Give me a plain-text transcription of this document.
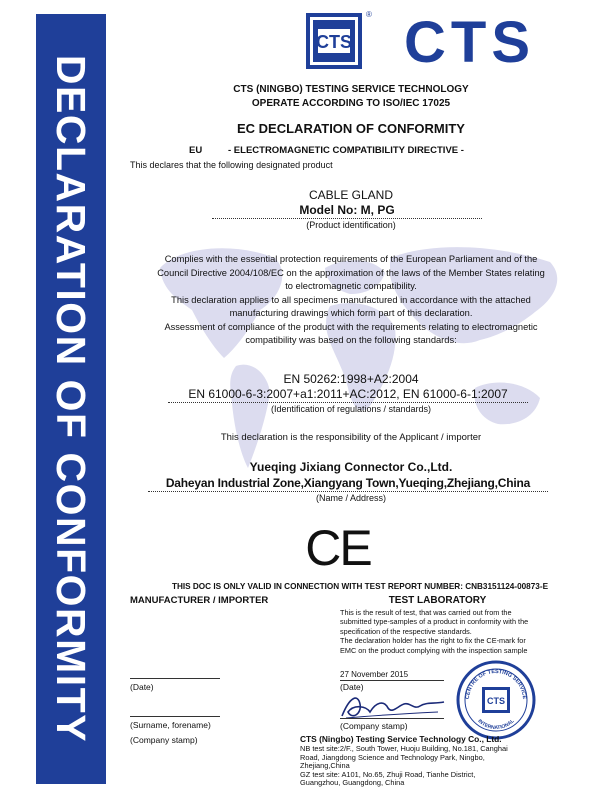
DECLARATION OF CONFORMITY
CTS
® CTS
CTS (NINGBO) TESTING SERVICE TECHNOLOGY
OPERATE ACCORDING TO ISO/IEC 17025
EC DECLARATION OF CONFORMITY
EU	- ELECTROMAGNETIC COMPATIBILITY DIRECTIVE -
This declares that the following designated product
CABLE GLAND
Model No: M, PG
(Product identification)
Complies with the essential protection requirements of the European Parliament and of the
Council Directive 2004/108/EC on the approximation of the laws of the Member States relating
to electromagnetic compatibility.
This declaration applies to all specimens manufactured in accordance with the attached
manufacturing drawings which form part of this declaration.
Assessment of compliance of the product with the requirements relating to electromagnetic
compatibility was based on the following standards:
EN 50262:1998+A2:2004
EN 61000-6-3:2007+a1:2011+AC:2012, EN 61000-6-1:2007
(Identification of regulations / standards)
This declaration is the responsibility of the Applicant / importer
Yueqing Jixiang Connector Co.,Ltd.
Daheyan Industrial Zone,Xiangyang Town,Yueqing,Zhejiang,China
(Name / Address)
CE
THIS DOC IS ONLY VALID IN CONNECTION WITH TEST REPORT NUMBER: CNB3151124-00873-E
MANUFACTURER / IMPORTER
(Date)
(Surname, forename)
(Company stamp)
TEST LABORATORY
This is the result of test, that was carried out from the
submitted type-samples of a product in conformity with the
specification of the respective standards.
The declaration holder has the right to fix the CE-mark for
EMC on the product complying with the inspection sample
27 November 2015
(Date)
(Company stamp)
CENTRE OF TESTING SERVICE
INTERNATIONAL
CTS
CTS (Ningbo) Testing Service Technology Co., Ltd.
NB test site:2/F., South Tower, Huoju Building, No.181, Canghai
Road, Jiangdong Science and Technology Park, Ningbo,
Zhejiang,China
GZ test site: A101, No.65, Zhuji Road, Tianhe District,
Guangzhou, Guangdong, China
